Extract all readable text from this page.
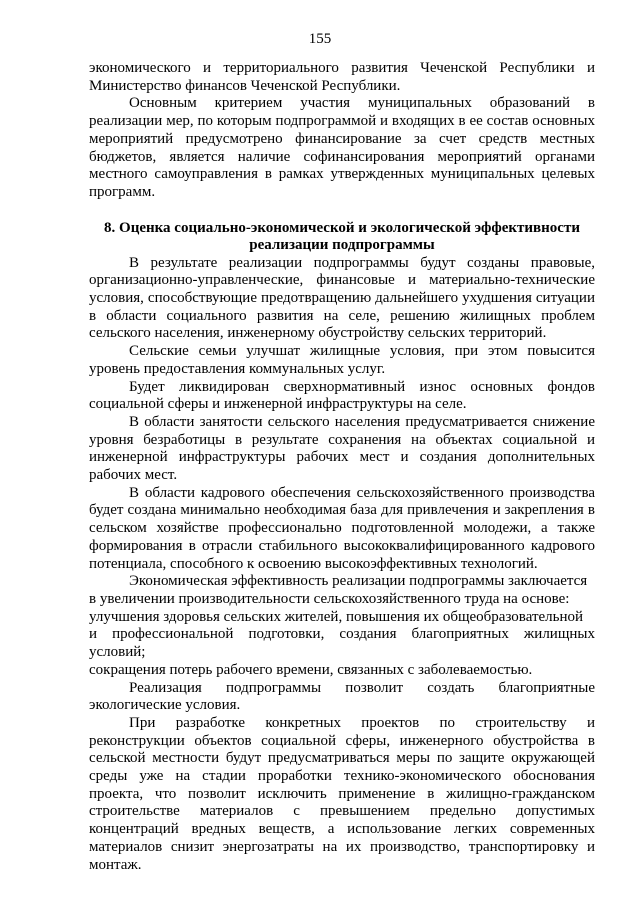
155

экономического и территориального развития Чеченской Республики и Министерство финансов Чеченской Республики.

Основным критерием участия муниципальных образований в реализации мер, по которым подпрограммой и входящих в ее состав основных мероприятий предусмотрено финансирование за счет средств местных бюджетов, является наличие софинансирования мероприятий органами местного самоуправления в рамках утвержденных муниципальных целевых программ.

8. Оценка социально-экономической и экологической эффективности реализации подпрограммы

В результате реализации подпрограммы будут созданы правовые, организационно-управленческие, финансовые и материально-технические условия, способствующие предотвращению дальнейшего ухудшения ситуации в области социального развития на селе, решению жилищных проблем сельского населения, инженерному обустройству сельских территорий.

Сельские семьи улучшат жилищные условия, при этом повысится уровень предоставления коммунальных услуг.

Будет ликвидирован сверхнормативный износ основных фондов социальной сферы и инженерной инфраструктуры на селе.

В области занятости сельского населения предусматривается снижение уровня безработицы в результате сохранения на объектах социальной и инженерной инфраструктуры рабочих мест и создания дополнительных рабочих мест.

В области кадрового обеспечения сельскохозяйственного производства будет создана минимально необходимая база для привлечения и закрепления в сельском хозяйстве профессионально подготовленной молодежи, а также формирования в отрасли стабильного высококвалифицированного кадрового потенциала, способного к освоению высокоэффективных технологий.

Экономическая эффективность реализации подпрограммы заключается

в увеличении производительности сельскохозяйственного труда на основе:

улучшения здоровья сельских жителей, повышения их общеобразовательной

и профессиональной подготовки, создания благоприятных жилищных условий;

сокращения потерь рабочего времени, связанных с заболеваемостью.

Реализация подпрограммы позволит создать благоприятные экологические условия.

При разработке конкретных проектов по строительству и реконструкции объектов социальной сферы, инженерного обустройства в сельской местности будут предусматриваться меры по защите окружающей среды уже на стадии проработки технико-экономического обоснования проекта, что позволит исключить применение в жилищно-гражданском строительстве материалов с превышением предельно допустимых концентраций вредных веществ, а использование легких современных материалов снизит энергозатраты на их производство, транспортировку и монтаж.
